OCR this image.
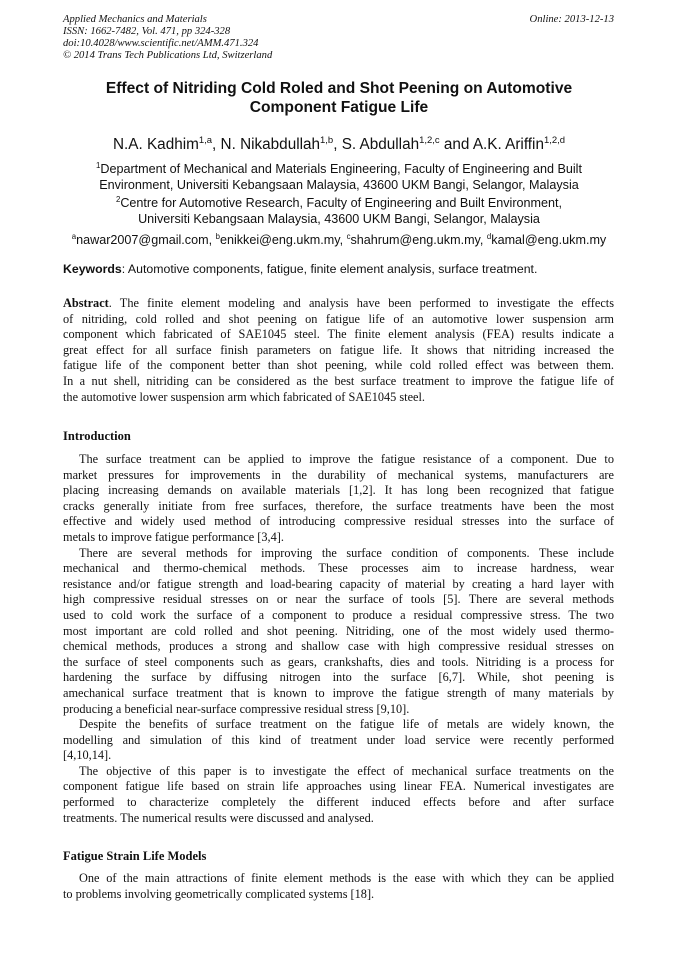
Applied Mechanics and Materials
ISSN: 1662-7482, Vol. 471, pp 324-328
doi:10.4028/www.scientific.net/AMM.471.324
© 2014 Trans Tech Publications Ltd, Switzerland
Online: 2013-12-13
Effect of Nitriding Cold Roled and Shot Peening on Automotive
Component Fatigue Life
N.A. Kadhim$^{1,a}$, N. Nikabdullah$^{1,b}$, S. Abdullah$^{1,2,c}$ and A.K. Ariffin$^{1,2,d}$
$^1$Department of Mechanical and Materials Engineering, Faculty of Engineering and Built
Environment, Universiti Kebangsaan Malaysia, 43600 UKM Bangi, Selangor, Malaysia
$^2$Centre for Automotive Research, Faculty of Engineering and Built Environment,
Universiti Kebangsaan Malaysia, 43600 UKM Bangi, Selangor, Malaysia
$^a$nawar2007@gmail.com, $^b$enikkei@eng.ukm.my, $^c$shahrum@eng.ukm.my, $^d$kamal@eng.ukm.my
Keywords: Automotive components, fatigue, finite element analysis, surface treatment.
Abstract. The finite element modeling and analysis have been performed to investigate the effects
of nitriding, cold rolled and shot peening on fatigue life of an automotive lower suspension arm
component which fabricated of SAE1045 steel. The finite element analysis (FEA) results indicate a
great effect for all surface finish parameters on fatigue life. It shows that nitriding increased the
fatigue life of the component better than shot peening, while cold rolled effect was between them.
In a nut shell, nitriding can be considered as the best surface treatment to improve the fatigue life of
the automotive lower suspension arm which fabricated of SAE1045 steel.
Introduction
The surface treatment can be applied to improve the fatigue resistance of a component. Due to
market pressures for improvements in the durability of mechanical systems, manufacturers are
placing increasing demands on available materials [1,2]. It has long been recognized that fatigue
cracks generally initiate from free surfaces, therefore, the surface treatments have been the most
effective and widely used method of introducing compressive residual stresses into the surface of
metals to improve fatigue performance [3,4].
There are several methods for improving the surface condition of components. These include
mechanical and thermo-chemical methods. These processes aim to increase hardness, wear
resistance and/or fatigue strength and load-bearing capacity of material by creating a hard layer with
high compressive residual stresses on or near the surface of tools [5]. There are several methods
used to cold work the surface of a component to produce a residual compressive stress. The two
most important are cold rolled and shot peening. Nitriding, one of the most widely used thermo-
chemical methods, produces a strong and shallow case with high compressive residual stresses on
the surface of steel components such as gears, crankshafts, dies and tools. Nitriding is a process for
hardening the surface by diffusing nitrogen into the surface [6,7]. While, shot peening is
amechanical surface treatment that is known to improve the fatigue strength of many materials by
producing a beneficial near-surface compressive residual stress [9,10].
Despite the benefits of surface treatment on the fatigue life of metals are widely known, the
modelling and simulation of this kind of treatment under load service were recently performed
[4,10,14].
The objective of this paper is to investigate the effect of mechanical surface treatments on the
component fatigue life based on strain life approaches using linear FEA. Numerical investigates are
performed to characterize completely the different induced effects before and after surface
treatments. The numerical results were discussed and analysed.
Fatigue Strain Life Models
One of the main attractions of finite element methods is the ease with which they can be applied
to problems involving geometrically complicated systems [18].
